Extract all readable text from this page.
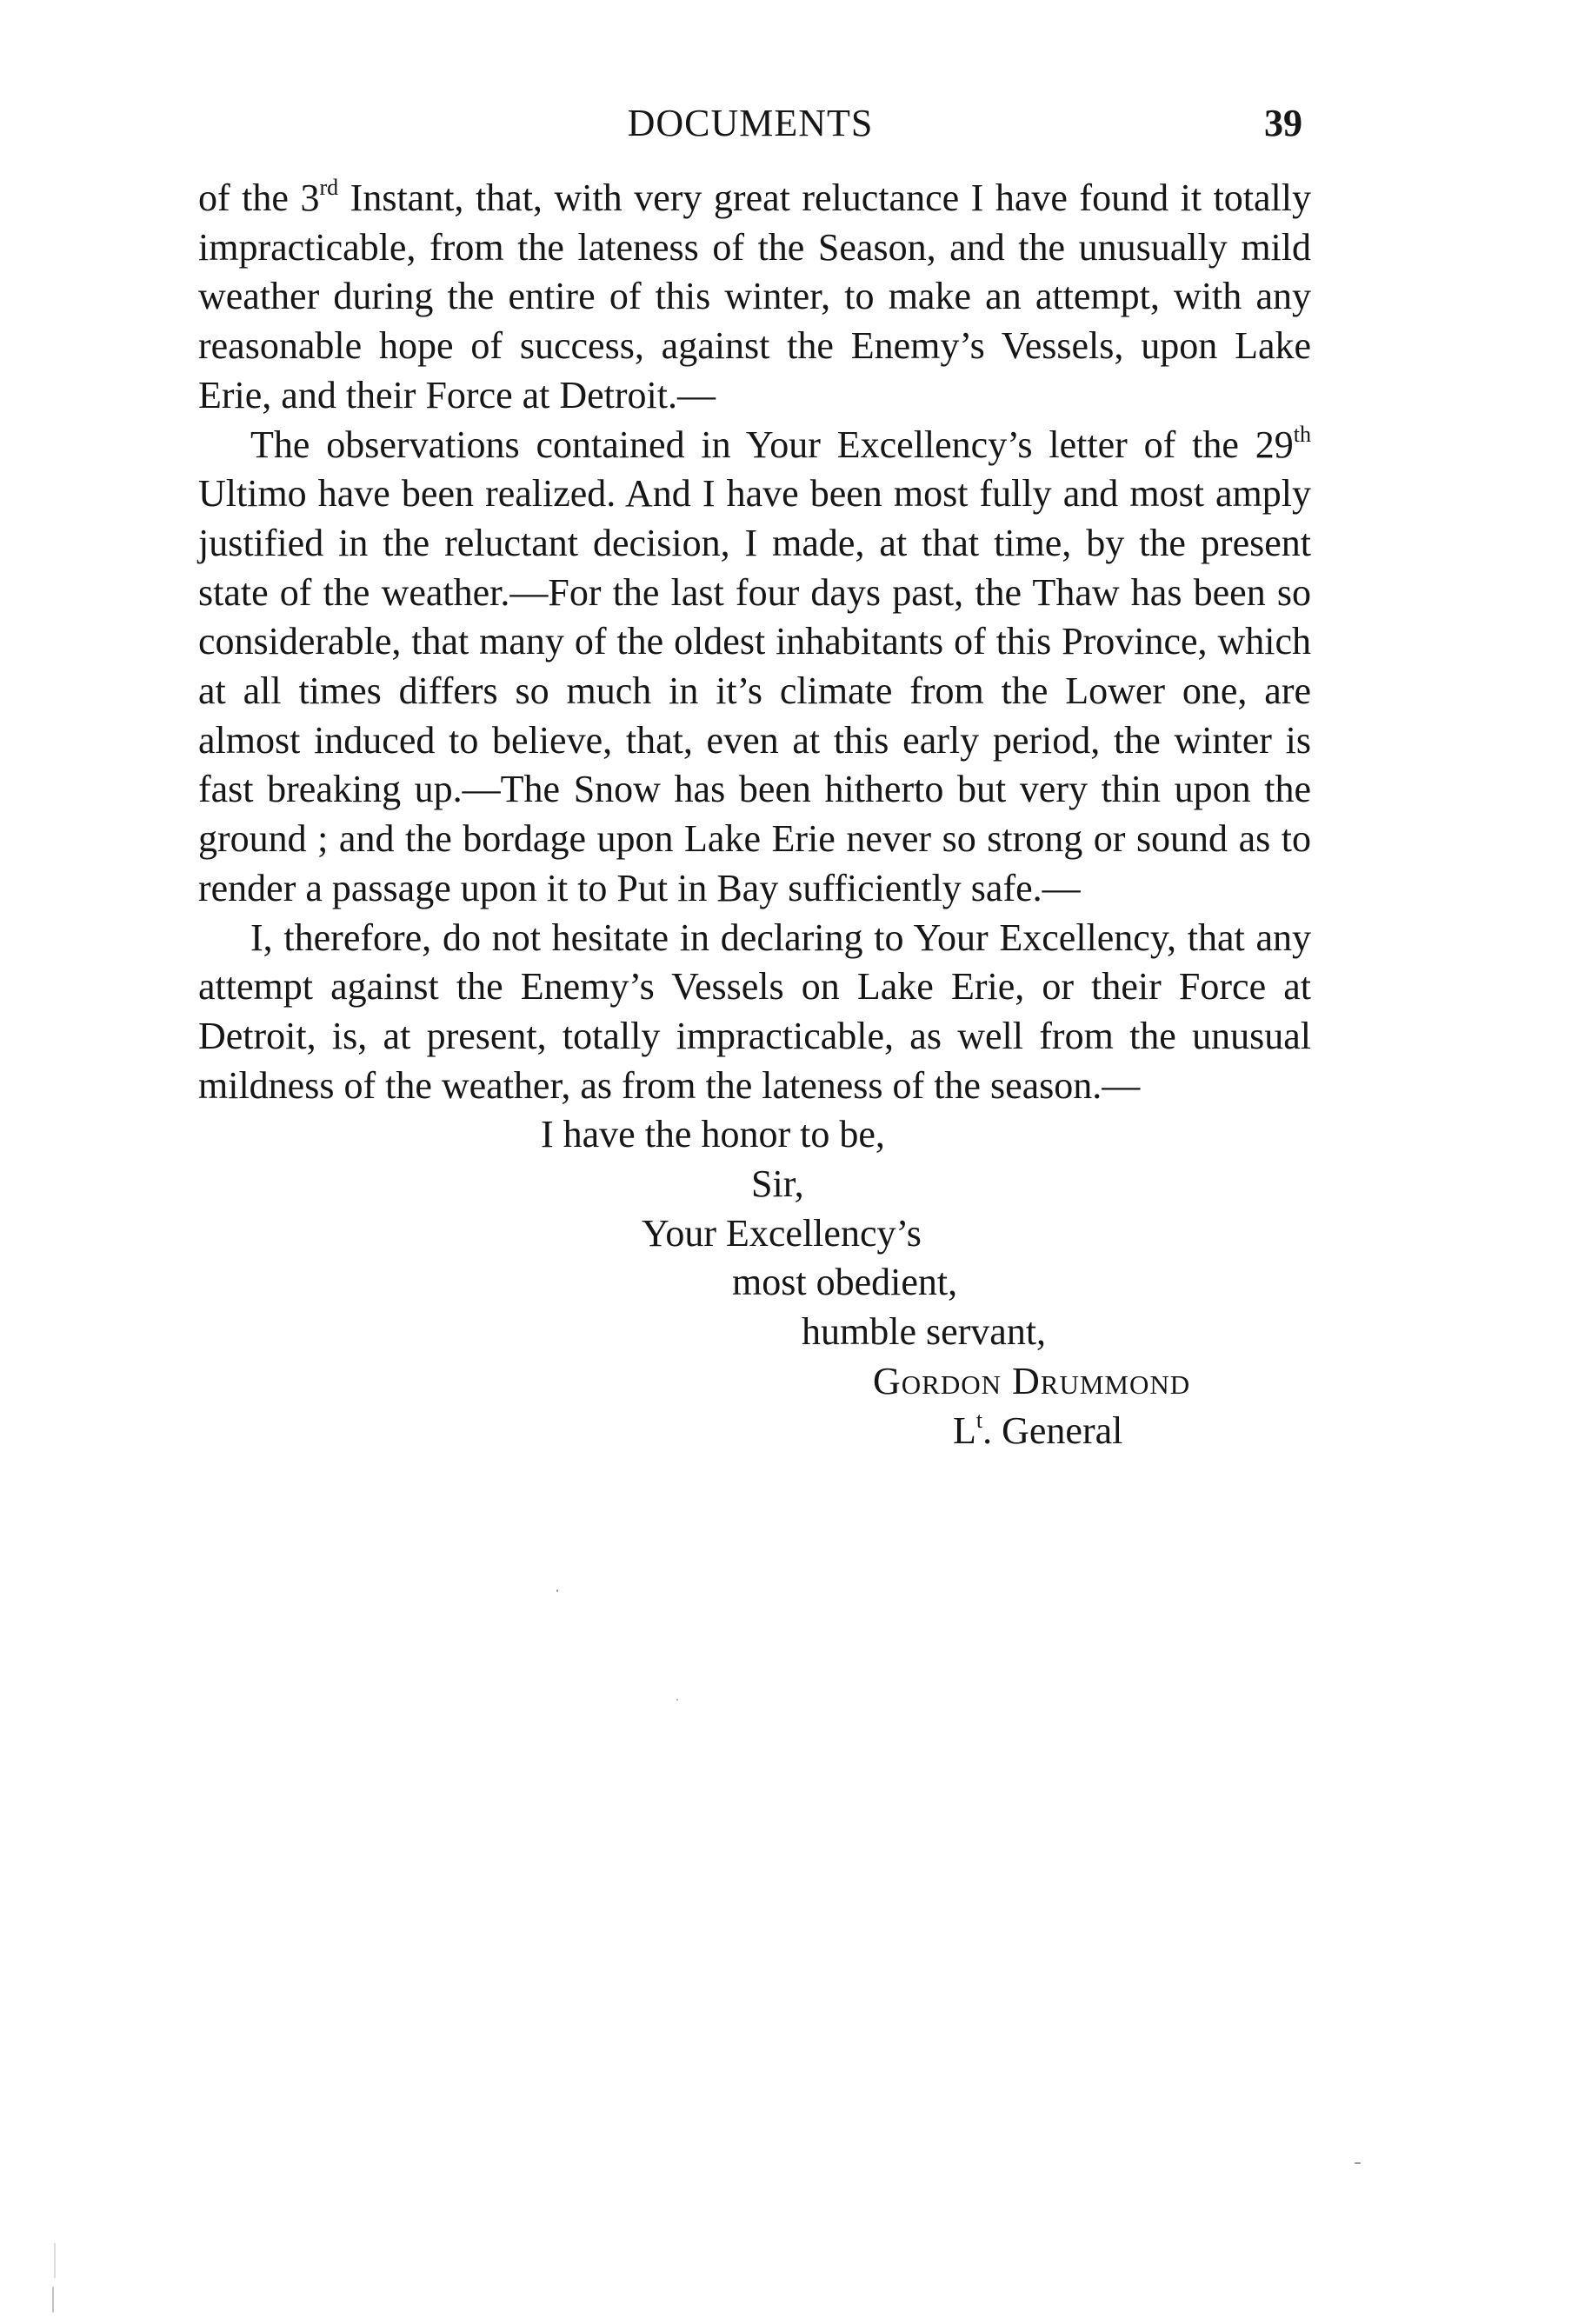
DOCUMENTS	39

of the 3rd Instant, that, with very great reluctance I have found it totally impracticable, from the lateness of the Season, and the unusually mild weather during the entire of this winter, to make an attempt, with any reasonable hope of success, against the Enemy’s Vessels, upon Lake Erie, and their Force at Detroit.—

The observations contained in Your Excellency’s letter of the 29th Ultimo have been realized. And I have been most fully and most amply justified in the reluctant decision, I made, at that time, by the present state of the weather.—For the last four days past, the Thaw has been so considerable, that many of the oldest inhabitants of this Province, which at all times differs so much in it’s climate from the Lower one, are almost induced to believe, that, even at this early period, the winter is fast breaking up.—The Snow has been hitherto but very thin upon the ground ; and the bordage upon Lake Erie never so strong or sound as to render a passage upon it to Put in Bay sufficiently safe.—

I, therefore, do not hesitate in declaring to Your Excellency, that any attempt against the Enemy’s Vessels on Lake Erie, or their Force at Detroit, is, at present, totally impracticable, as well from the unusual mildness of the weather, as from the lateness of the season.—

I have the honor to be,
Sir,
Your Excellency’s
most obedient,
humble servant,
Gordon Drummond
$L^t$. General
